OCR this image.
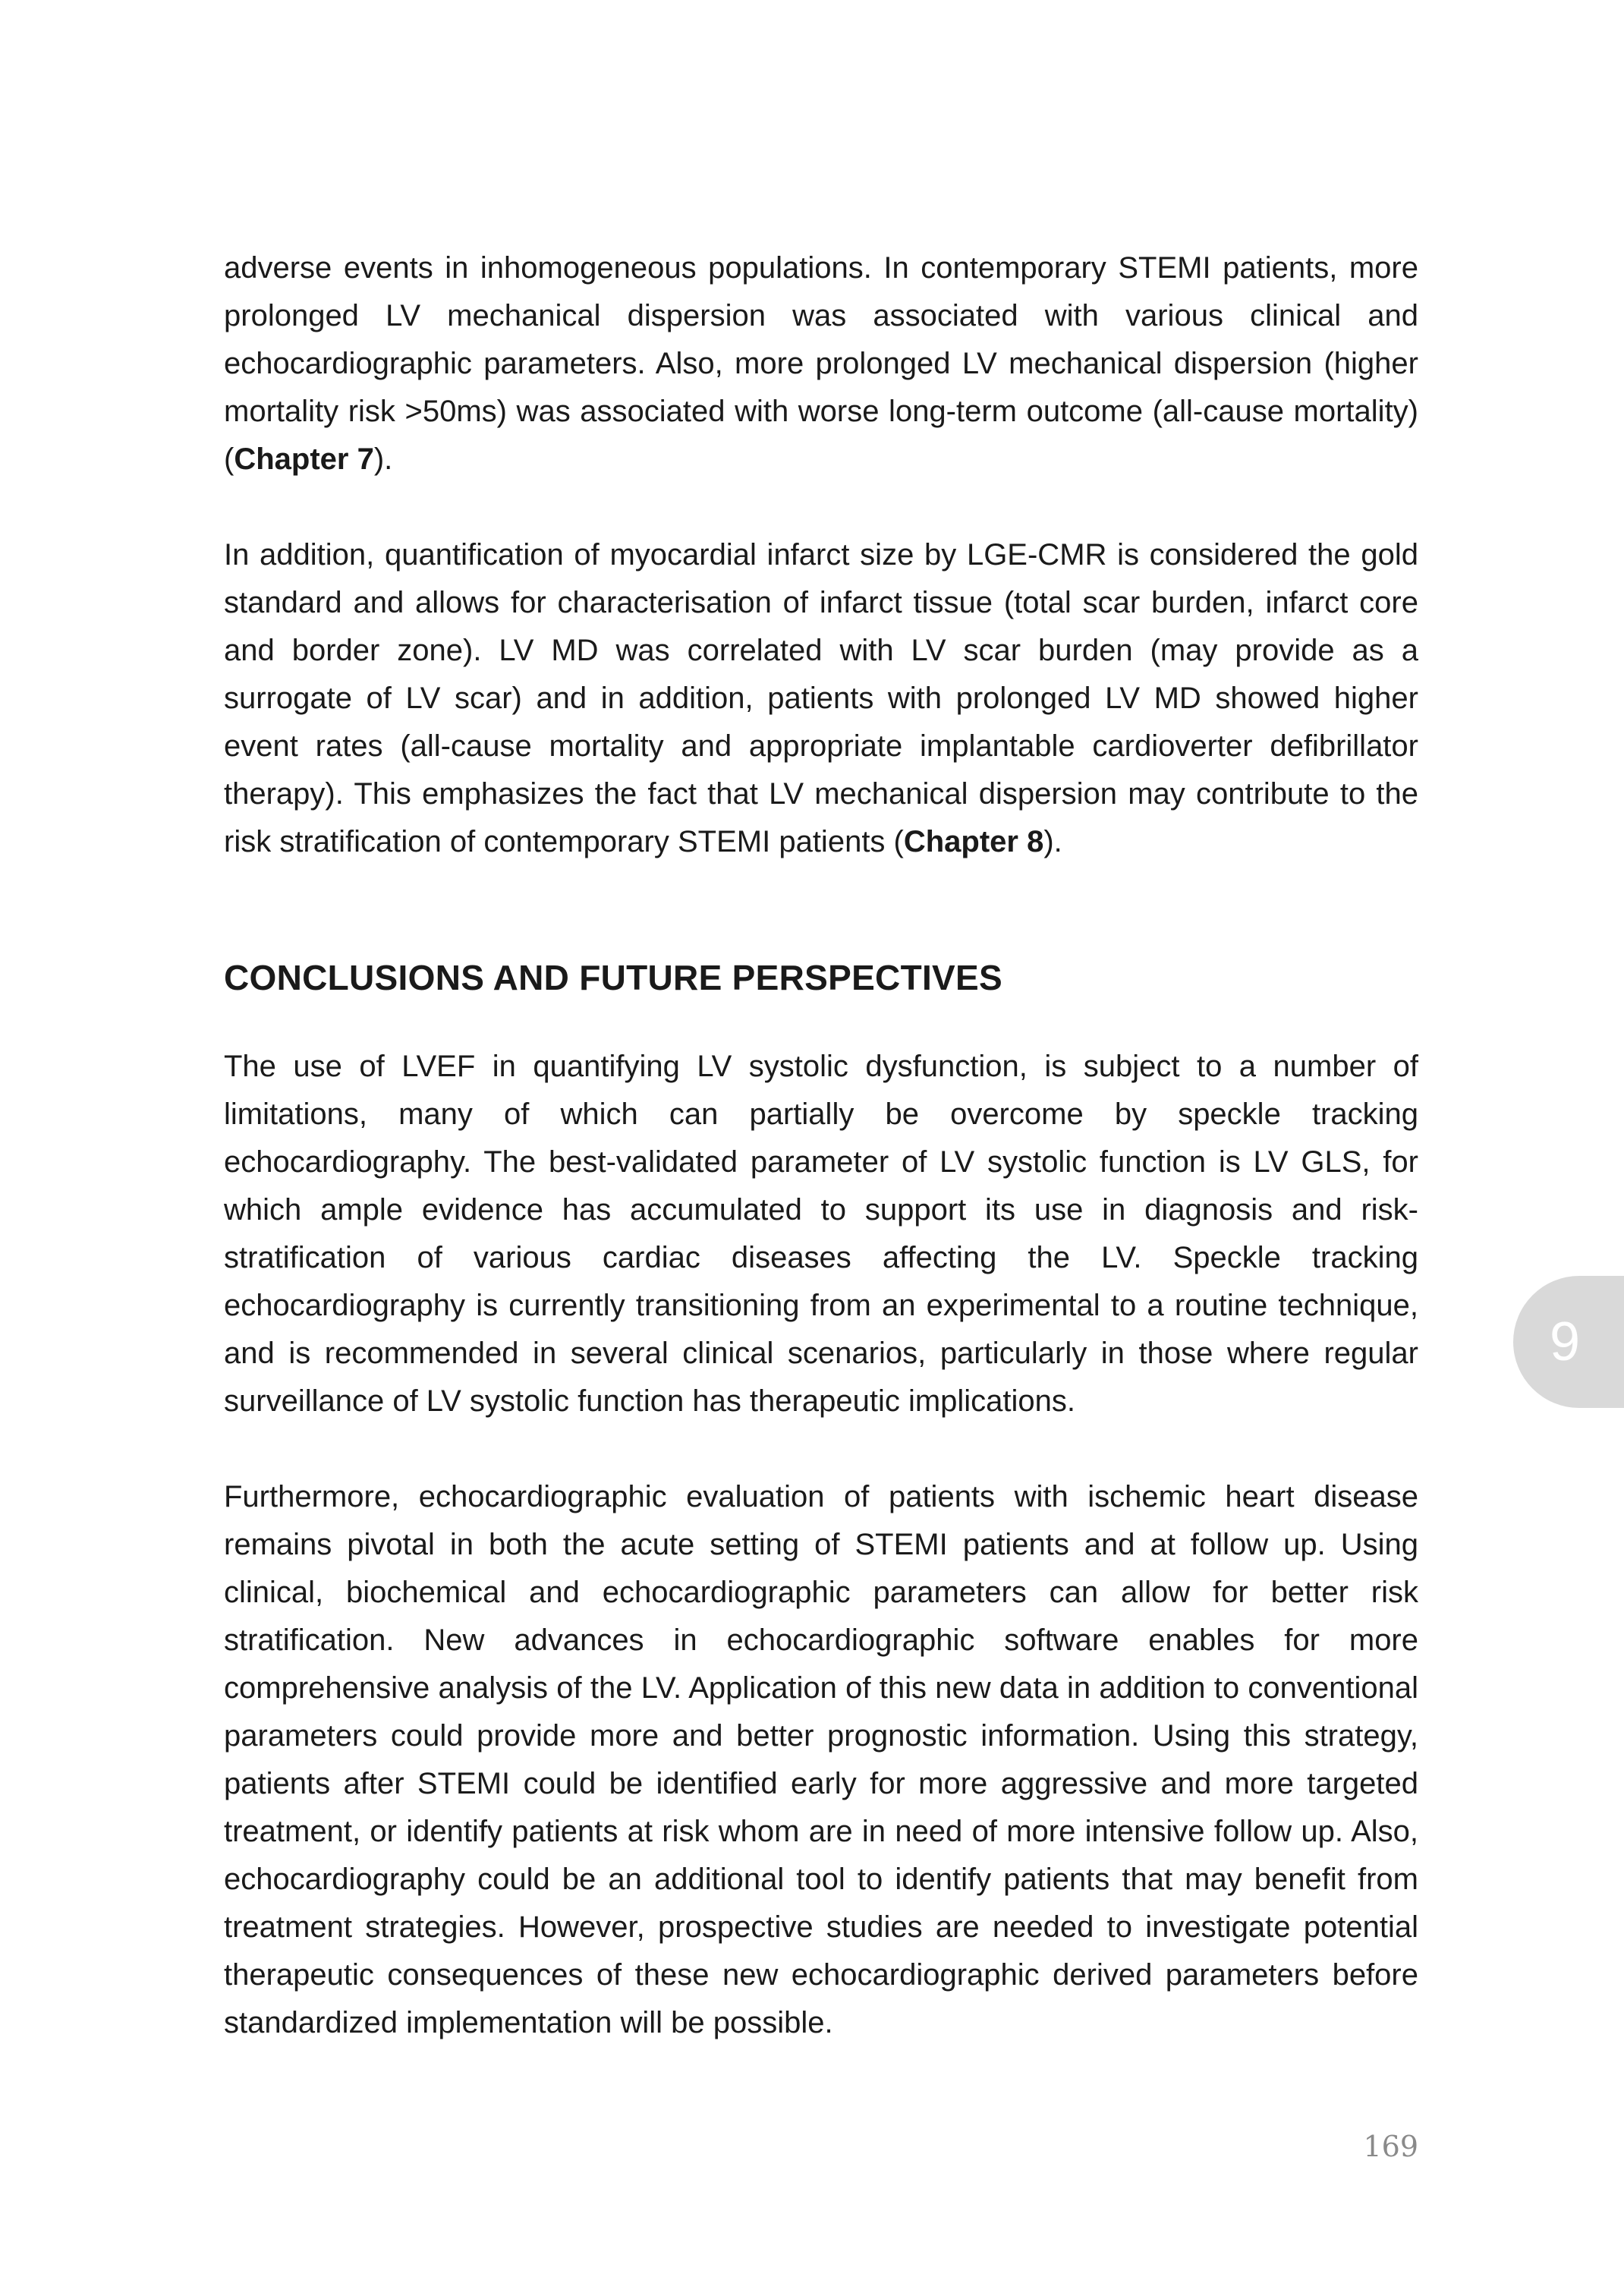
adverse events in inhomogeneous populations. In contemporary STEMI patients, more prolonged LV mechanical dispersion was associated with various clinical and echocardiographic parameters. Also, more prolonged LV mechanical dispersion (higher mortality risk >50ms) was associated with worse long-term outcome (all-cause mortality) (Chapter 7).

In addition, quantification of myocardial infarct size by LGE-CMR is considered the gold standard and allows for characterisation of infarct tissue (total scar burden, infarct core and border zone). LV MD was correlated with LV scar burden (may provide as a surrogate of LV scar) and in addition, patients with prolonged LV MD showed higher event rates (all-cause mortality and appropriate implantable cardioverter defibrillator therapy). This emphasizes the fact that LV mechanical dispersion may contribute to the risk stratification of contemporary STEMI patients (Chapter 8).

CONCLUSIONS AND FUTURE PERSPECTIVES

The use of LVEF in quantifying LV systolic dysfunction, is subject to a number of limitations, many of which can partially be overcome by speckle tracking echocardiography. The best-validated parameter of LV systolic function is LV GLS, for which ample evidence has accumulated to support its use in diagnosis and risk-stratification of various cardiac diseases affecting the LV. Speckle tracking echocardiography is currently transitioning from an experimental to a routine technique, and is recommended in several clinical scenarios, particularly in those where regular surveillance of LV systolic function has therapeutic implications.

Furthermore, echocardiographic evaluation of patients with ischemic heart disease remains pivotal in both the acute setting of STEMI patients and at follow up. Using clinical, biochemical and echocardiographic parameters can allow for better risk stratification. New advances in echocardiographic software enables for more comprehensive analysis of the LV. Application of this new data in addition to conventional parameters could provide more and better prognostic information. Using this strategy, patients after STEMI could be identified early for more aggressive and more targeted treatment, or identify patients at risk whom are in need of more intensive follow up. Also, echocardiography could be an additional tool to identify patients that may benefit from treatment strategies. However, prospective studies are needed to investigate potential therapeutic consequences of these new echocardiographic derived parameters before standardized implementation will be possible.

9
169
